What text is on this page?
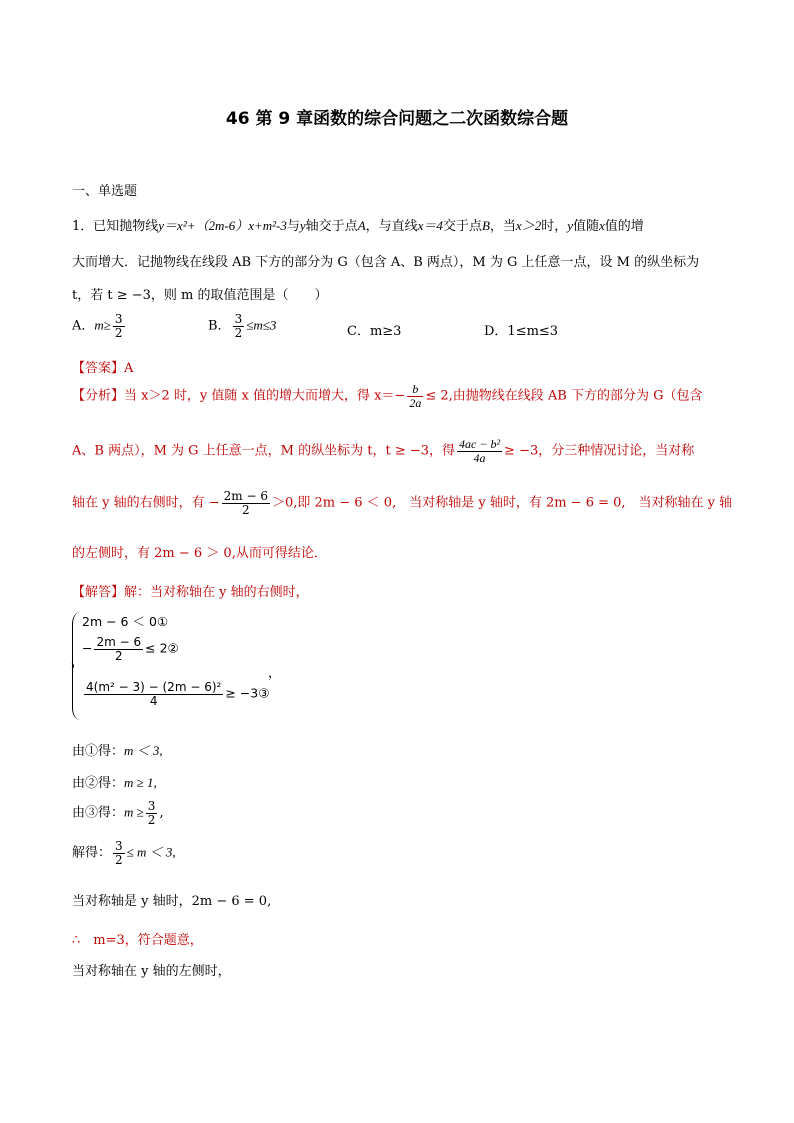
46 第 9 章函数的综合问题之二次函数综合题
一、单选题
1．已知抛物线y＝x²+（2m-6）x+m²-3与y轴交于点A，与直线x＝4交于点B，当x＞2时，y值随x值的增
大而增大．记抛物线在线段 AB 下方的部分为 G（包含 A、B 两点），M 为 G 上任意一点，设 M 的纵坐标为
t，若 t ≥ −3，则 m 的取值范围是（　　）
A．$m\ge \frac{3}{2}$	B． $\frac{3}{2} \le m\le 3$	C．m≥3	D．1≤m≤3
【答案】A
【分析】当 x＞2 时，y 值随 x 值的增大而增大，得 $x=- \frac{b}{2a} \le 2$,由抛物线在线段 AB 下方的部分为 G（包含
A、B 两点），M 为 G 上任意一点，M 的纵坐标为 t，t ≥ −3，得 $\frac{\text{4ac − b²}}{4a} \ge -3$，分三种情况讨论，当对称
轴在 y 轴的右侧时，有 − $\frac{2m - 6}{2} >0$,即 2m − 6 ＜ 0,　当对称轴是 y 轴时，有 2m − 6 = 0,　当对称轴在 y 轴
的左侧时，有 2m − 6 ＞ 0,从而可得结论．
【解答】解：当对称轴在 y 轴的右侧时，
2m − 6 ＜ 0①
− $\frac{2m - 6}{2}$ ≤ 2②
$\frac{\text{4(m² − 3) − (2m − 6)²}}{4}$ ≥ −3③
，
由①得：m ＜ 3,
由②得：m ≥ 1,
由③得：$m \ge \frac{3}{2}$ ,
解得： $\frac{3}{2} \le m < 3$,
当对称轴是 y 轴时，2m − 6 = 0,
∴　m=3，符合题意，
当对称轴在 y 轴的左侧时，
